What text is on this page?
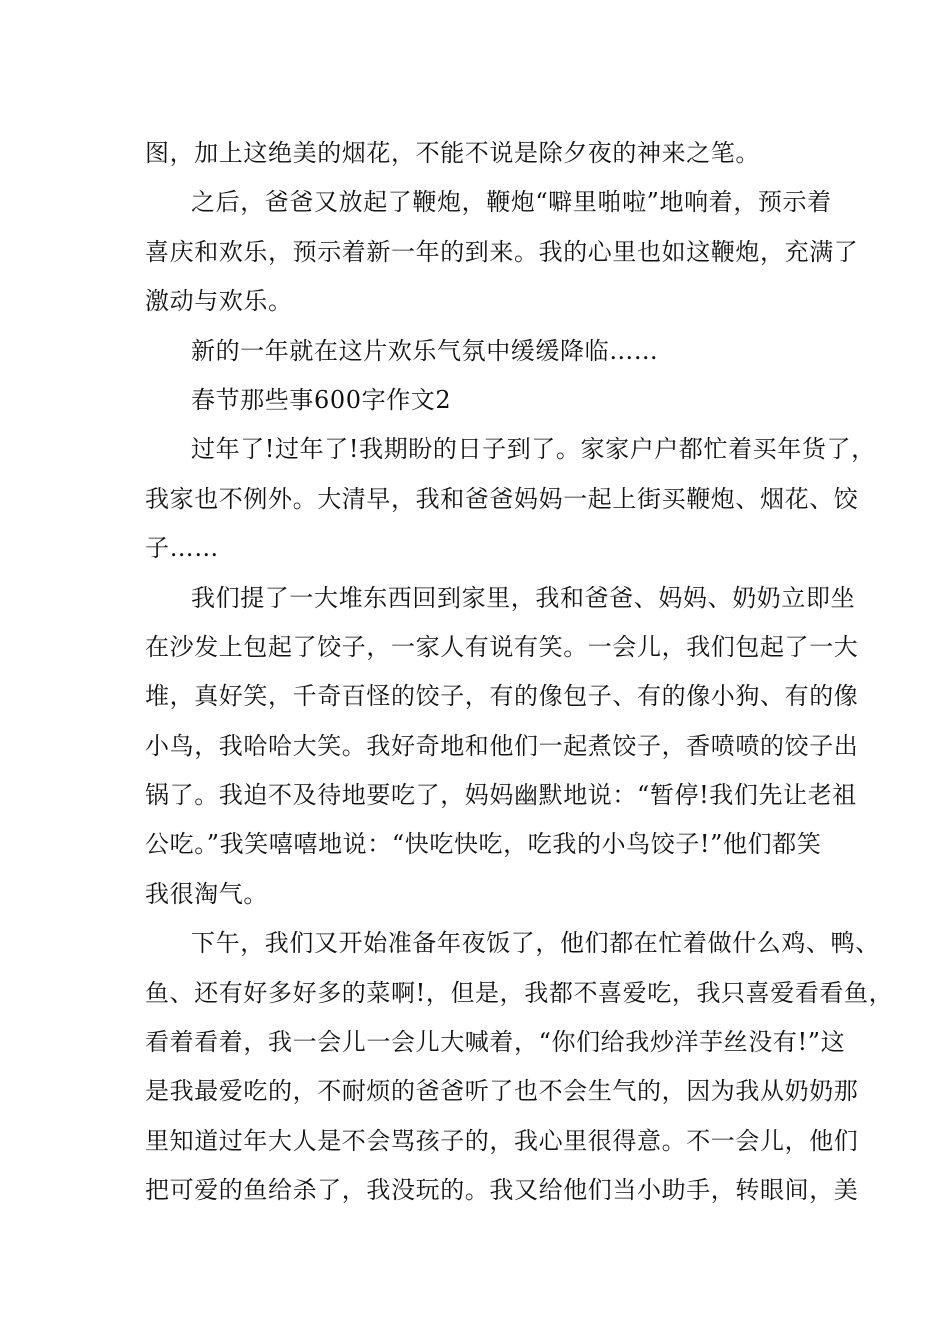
图，加上这绝美的烟花，不能不说是除夕夜的神来之笔。
之后，爸爸又放起了鞭炮，鞭炮“噼里啪啦”地响着，预示着
喜庆和欢乐，预示着新一年的到来。我的心里也如这鞭炮，充满了
激动与欢乐。
新的一年就在这片欢乐气氛中缓缓降临……
春节那些事600字作文2
过年了!过年了!我期盼的日子到了。家家户户都忙着买年货了，
我家也不例外。大清早，我和爸爸妈妈一起上街买鞭炮、烟花、饺
子……
我们提了一大堆东西回到家里，我和爸爸、妈妈、奶奶立即坐
在沙发上包起了饺子，一家人有说有笑。一会儿，我们包起了一大
堆，真好笑，千奇百怪的饺子，有的像包子、有的像小狗、有的像
小鸟，我哈哈大笑。我好奇地和他们一起煮饺子，香喷喷的饺子出
锅了。我迫不及待地要吃了，妈妈幽默地说：“暂停!我们先让老祖
公吃。”我笑嘻嘻地说：“快吃快吃，吃我的小鸟饺子!”他们都笑
我很淘气。
下午，我们又开始准备年夜饭了，他们都在忙着做什么鸡、鸭、
鱼、还有好多好多的菜啊!，但是，我都不喜爱吃，我只喜爱看看鱼，
看着看着，我一会儿一会儿大喊着，“你们给我炒洋芋丝没有!”这
是我最爱吃的，不耐烦的爸爸听了也不会生气的，因为我从奶奶那
里知道过年大人是不会骂孩子的，我心里很得意。不一会儿，他们
把可爱的鱼给杀了，我没玩的。我又给他们当小助手，转眼间，美
